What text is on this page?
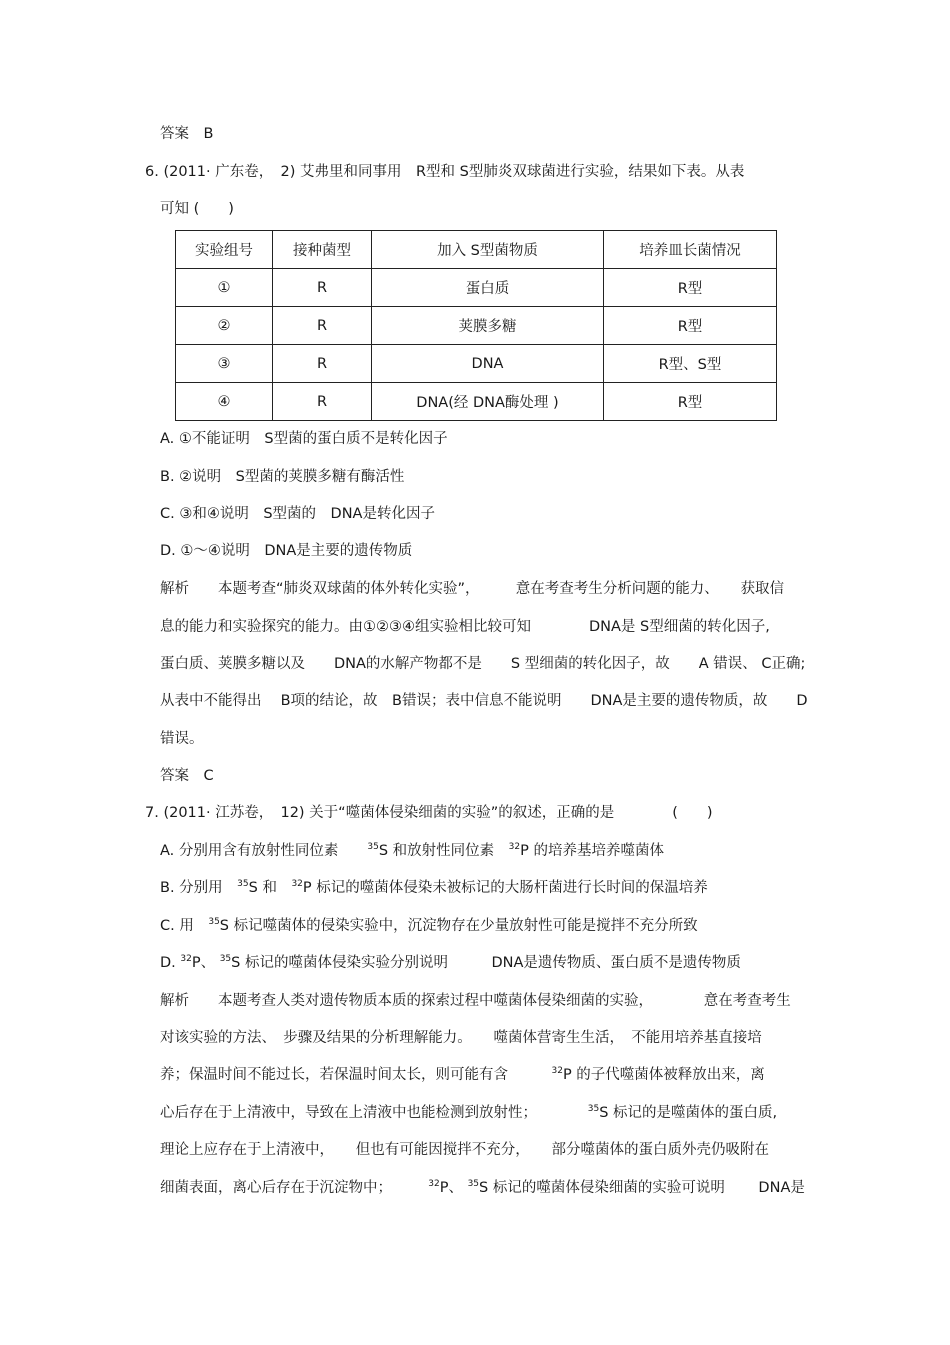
答案　B
6. (2011· 广东卷，　2) 艾弗里和同事用　R型和 S型肺炎双球菌进行实验，结果如下表。从表
可知 (　　)
实验组号	接种菌型	加入 S型菌物质	培养皿长菌情况
①	R	蛋白质	R型
②	R	荚膜多糖	R型
③	R	DNA	R型、S型
④	R	DNA(经 DNA酶处理 )	R型
A. ①不能证明　S型菌的蛋白质不是转化因子
B. ②说明　S型菌的荚膜多糖有酶活性
C. ③和④说明　S型菌的　DNA是转化因子
D. ①～④说明　DNA是主要的遗传物质
解析　　本题考查“肺炎双球菌的体外转化实验”，　　　意在考查考生分析问题的能力、　　获取信
息的能力和实验探究的能力。由①②③④组实验相比较可知　　　　DNA是 S型细菌的转化因子,
蛋白质、荚膜多糖以及　　DNA的水解产物都不是　　S 型细菌的转化因子，故　　A 错误、 C正确;
从表中不能得出　 B项的结论，故　B错误；表中信息不能说明　　DNA是主要的遗传物质，故　　D
错误。
答案　C
7. (2011· 江苏卷，　12) 关于“噬菌体侵染细菌的实验”的叙述，正确的是　　　　(　　)
A. 分别用含有放射性同位素　　$^{35}$S 和放射性同位素　$^{32}$P 的培养基培养噬菌体
B. 分别用　$^{35}$S 和　$^{32}$P 标记的噬菌体侵染未被标记的大肠杆菌进行长时间的保温培养
C. 用　$^{35}$S 标记噬菌体的侵染实验中，沉淀物存在少量放射性可能是搅拌不充分所致
D. $^{32}$P、 $^{35}$S 标记的噬菌体侵染实验分别说明　　　DNA是遗传物质、蛋白质不是遗传物质
解析　　本题考查人类对遗传物质本质的探索过程中噬菌体侵染细菌的实验，　　　　意在考查考生
对该实验的方法、　步骤及结果的分析理解能力。　　噬菌体营寄生生活，　不能用培养基直接培
养；保温时间不能过长，若保温时间太长，则可能有含　　　$^{32}$P 的子代噬菌体被释放出来，离
心后存在于上清液中，导致在上清液中也能检测到放射性；　　　　$^{35}$S 标记的是噬菌体的蛋白质,
理论上应存在于上清液中，　　但也有可能因搅拌不充分，　　部分噬菌体的蛋白质外壳仍吸附在
细菌表面，离心后存在于沉淀物中；　　　$^{32}$P、 $^{35}$S 标记的噬菌体侵染细菌的实验可说明　　 DNA是
